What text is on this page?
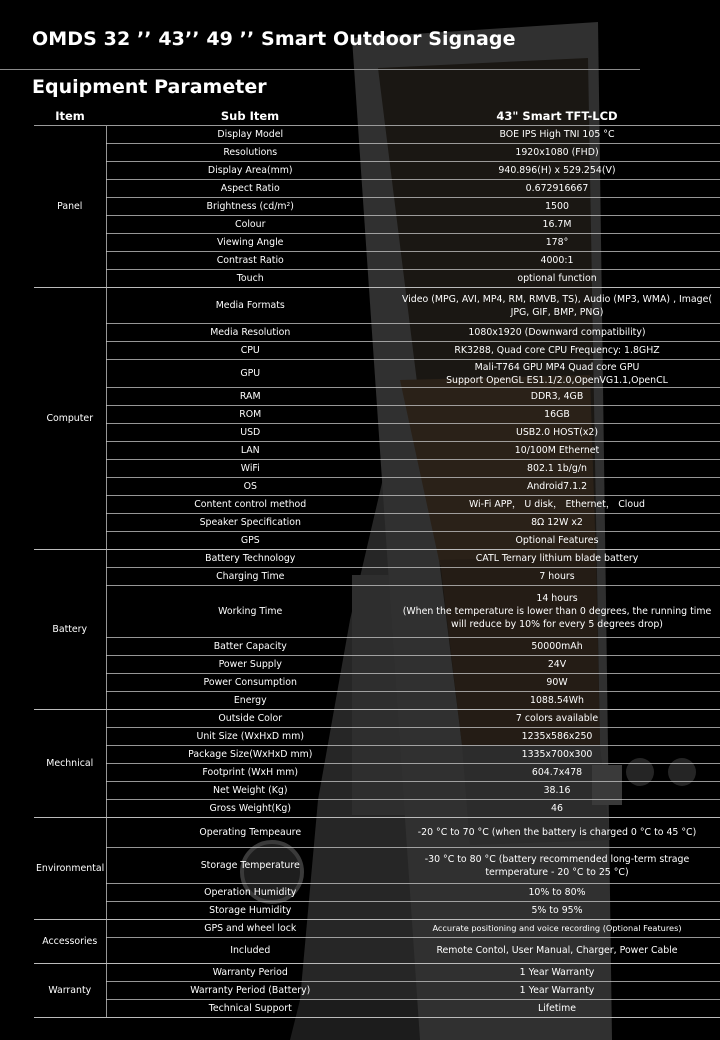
OMDS 32 ’’ 43’’ 49 ’’ Smart Outdoor Signage
Equipment Parameter
Item	Sub Item	43" Smart TFT-LCD
Panel	Display Model	BOE IPS High TNI 105 °C
	Resolutions	1920x1080 (FHD)
	Display Area(mm)	940.896(H) x 529.254(V)
	Aspect Ratio	0.672916667
	Brightness (cd/m²)	1500
	Colour	16.7M
	Viewing Angle	178°
	Contrast Ratio	4000:1
	Touch	optional function
Computer	Media Formats	Video (MPG, AVI, MP4, RM, RMVB, TS), Audio (MP3, WMA) , Image( JPG, GIF, BMP, PNG)
	Media Resolution	1080x1920 (Downward compatibility)
	CPU	RK3288, Quad core CPU Frequency: 1.8GHZ
	GPU	Mali-T764 GPU MP4 Quad core GPU
Support OpenGL ES1.1/2.0,OpenVG1.1,OpenCL
	RAM	DDR3, 4GB
	ROM	16GB
	USD	USB2.0 HOST(x2)
	LAN	10/100M Ethernet
	WiFi	802.1 1b/g/n
	OS	Android7.1.2
	Content control method	Wi-Fi APP， U disk， Ethernet， Cloud
	Speaker Specification	8Ω 12W x2
	GPS	Optional Features
Battery	Battery Technology	CATL Ternary lithium blade battery
	Charging Time	7 hours
	Working Time	14 hours
(When the temperature is lower than 0 degrees, the running time will reduce by 10% for every 5 degrees drop)
	Batter Capacity	50000mAh
	Power Supply	24V
	Power Consumption	90W
	Energy	1088.54Wh
Mechnical	Outside Color	7 colors available
	Unit Size (WxHxD mm)	1235x586x250
	Package Size(WxHxD mm)	1335x700x300
	Footprint (WxH mm)	604.7x478
	Net Weight (Kg)	38.16
	Gross Weight(Kg)	46
Environmental	Operating Tempeaure	-20 °C to 70 °C (when the battery is charged 0 °C to 45 °C)
	Storage Temperature	-30 °C to 80 °C (battery recommended long-term strage termperature - 20 °C to 25 °C)
	Operation Humidity	10% to 80%
	Storage Humidity	5% to 95%
Accessories	GPS and wheel lock	Accurate positioning and voice recording (Optional Features)
	Included	Remote Contol, User Manual, Charger, Power Cable
Warranty	Warranty Period	1 Year Warranty
	Warranty Period (Battery)	1 Year Warranty
	Technical Support	Lifetime
